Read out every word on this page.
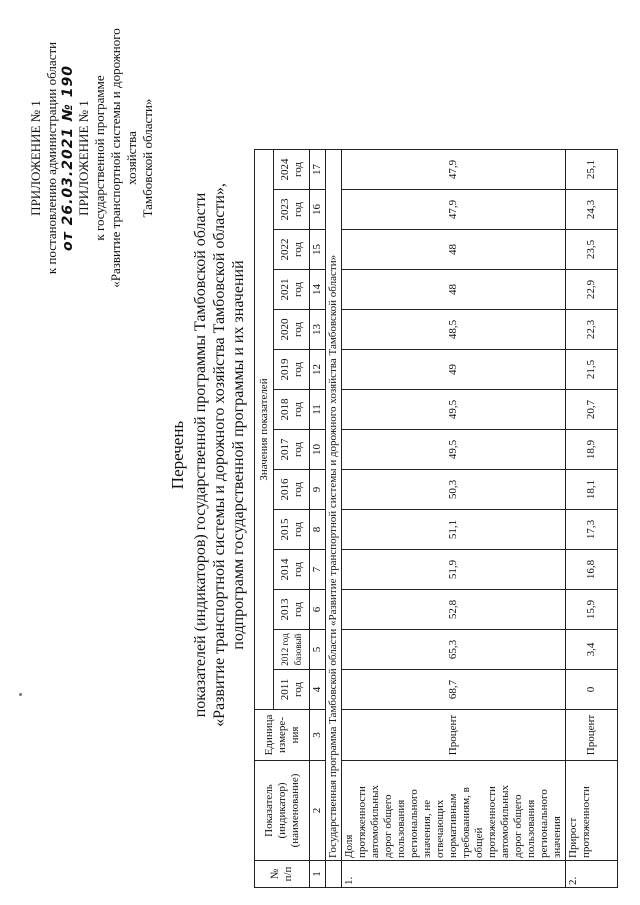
ПРИЛОЖЕНИЕ № 1 к постановлению администрации области от 26.03.2021 № 190 ПРИЛОЖЕНИЕ № 1 к государственной программе «Развитие транспортной системы и дорожного хозяйства Тамбовской области»
Перечень показателей (индикаторов) государственной программы Тамбовской области «Развитие транспортной системы и дорожного хозяйства Тамбовской области», подпрограмм государственной программы и их значений
№ п/п	Показатель (индикатор) (наименование)	Единица измере- ния	Значения показателей													
			2011 год	2012 год базовый	2013 год	2014 год	2015 год	2016 год	2017 год	2018 год	2019 год	2020 год	2021 год	2022 год	2023 год	2024 год
1	2	3	4	5	6	7	8	9	10	11	12	13	14	15	16	17
	Государственная программа Тамбовской области «Развитие транспортной системы и дорожного хозяйства Тамбовской области»															
1.	Доля протяженности автомобильных дорог общего пользования регионального значения, не отвечающих нормативным требованиям, в общей протяженности автомобильных дорог общего пользования регионального значения	Процент	68,7	65,3	52,8	51,9	51,1	50,3	49,5	49,5	49	48,5	48	48	47,9	47,9
2.	Прирост протяженности	Процент	0	3,4	15,9	16,8	17,3	18,1	18,9	20,7	21,5	22,3	22,9	23,5	24,3	25,1
